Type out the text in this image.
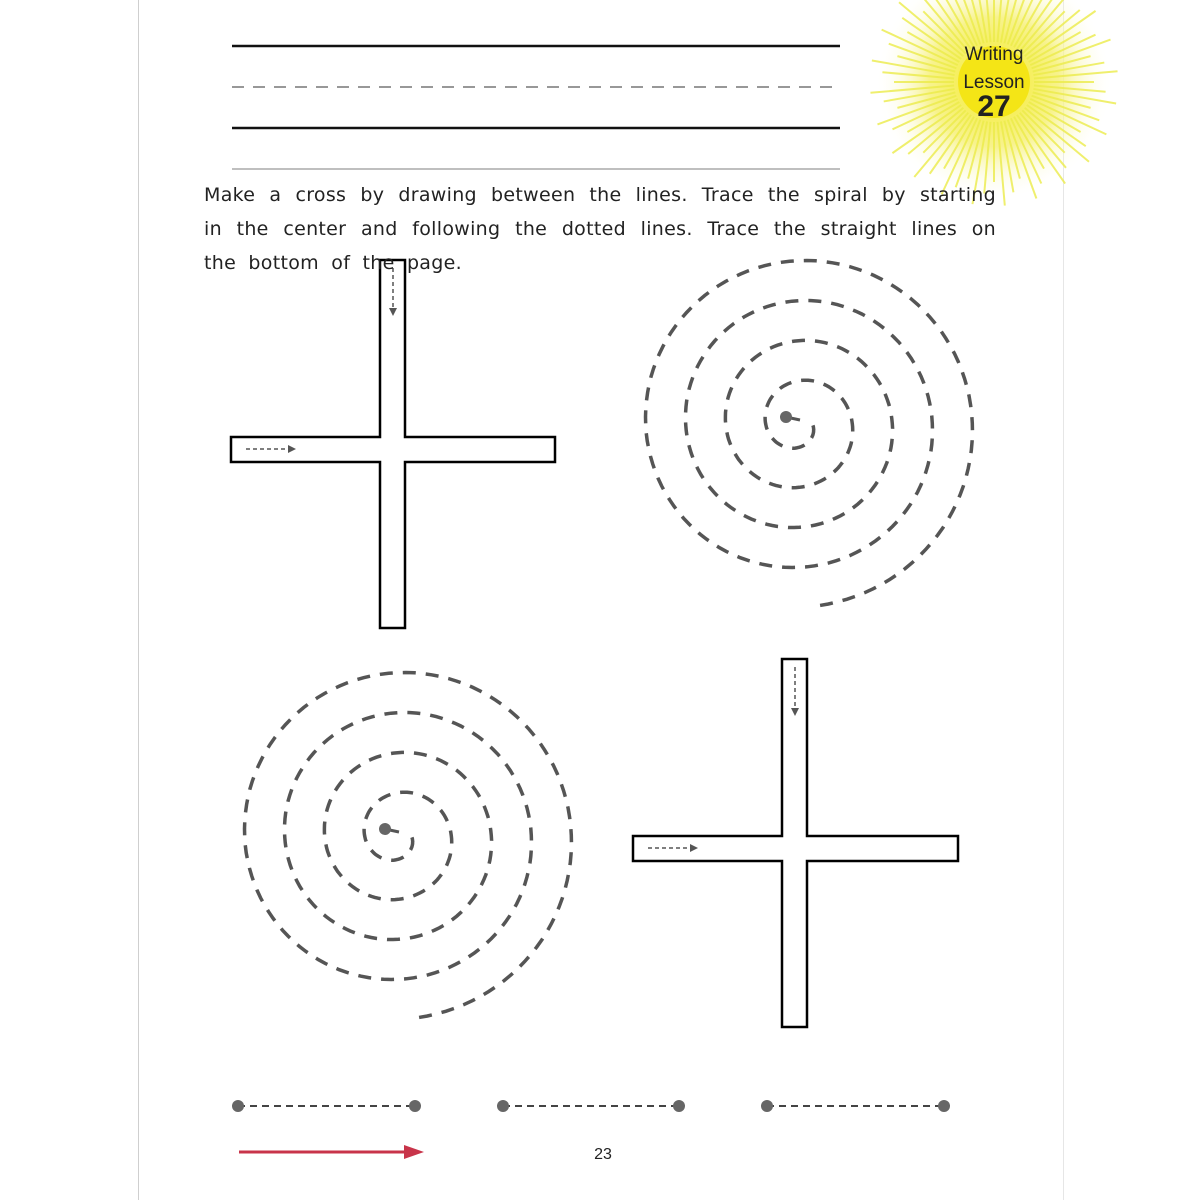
Writing
Lesson
27
Make a cross by drawing between the lines. Trace the spiral by starting in the center and following the dotted lines. Trace the straight lines on the bottom of the page.
23
